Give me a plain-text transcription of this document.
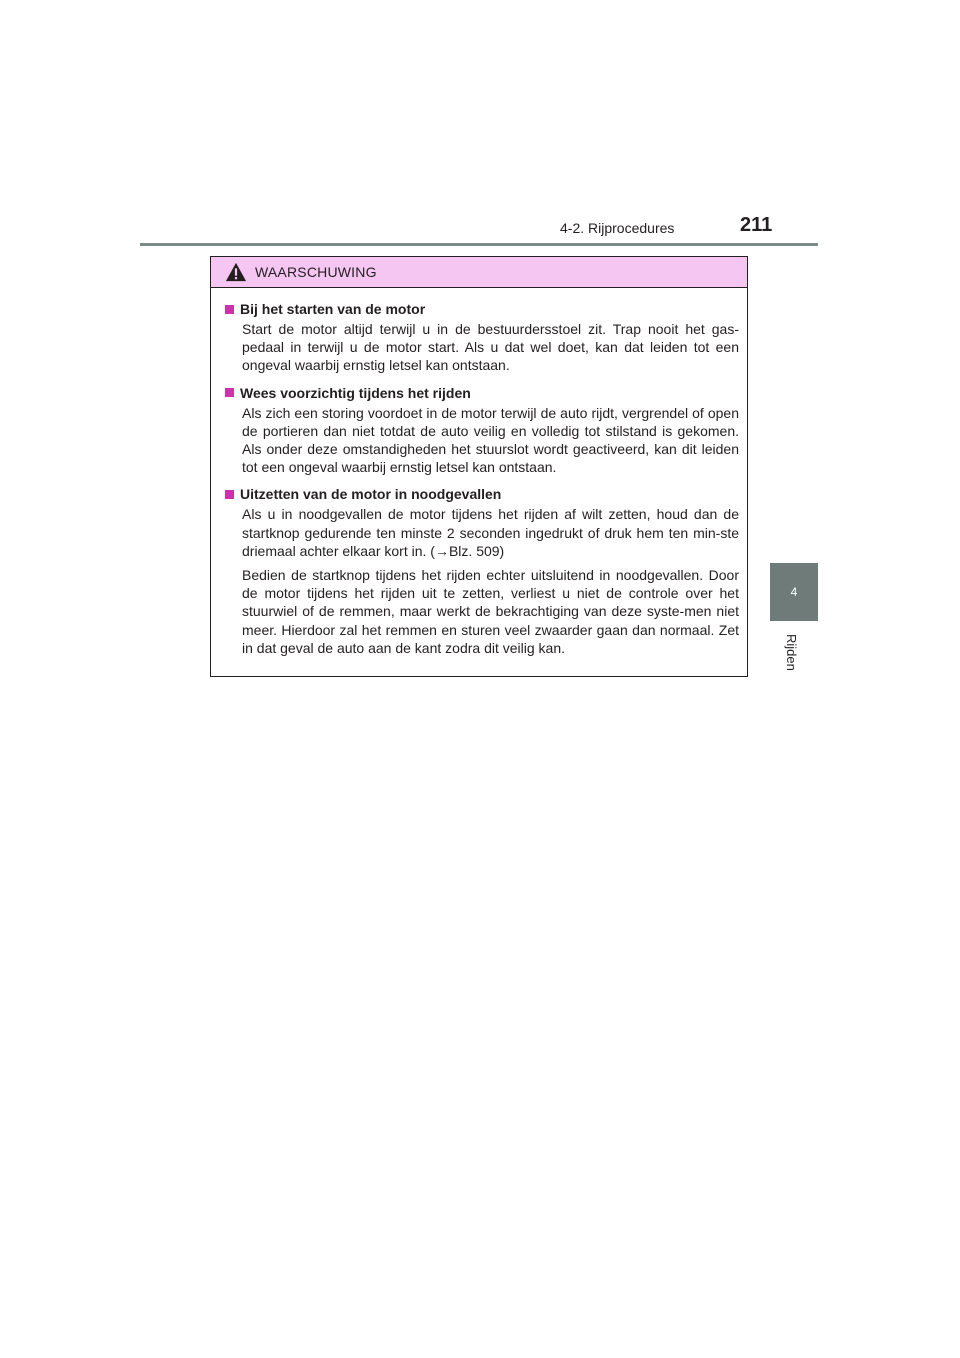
4-2. Rijprocedures	211
4
Rijden
WAARSCHUWING
Bij het starten van de motor

Start de motor altijd terwijl u in de bestuurdersstoel zit. Trap nooit het gas-pedaal in terwijl u de motor start. Als u dat wel doet, kan dat leiden tot een ongeval waarbij ernstig letsel kan ontstaan.

Wees voorzichtig tijdens het rijden

Als zich een storing voordoet in de motor terwijl de auto rijdt, vergrendel of open de portieren dan niet totdat de auto veilig en volledig tot stilstand is gekomen. Als onder deze omstandigheden het stuurslot wordt geactiveerd, kan dit leiden tot een ongeval waarbij ernstig letsel kan ontstaan.

Uitzetten van de motor in noodgevallen

Als u in noodgevallen de motor tijdens het rijden af wilt zetten, houd dan de startknop gedurende ten minste 2 seconden ingedrukt of druk hem ten min-ste driemaal achter elkaar kort in. (→Blz. 509)

Bedien de startknop tijdens het rijden echter uitsluitend in noodgevallen. Door de motor tijdens het rijden uit te zetten, verliest u niet de controle over het stuurwiel of de remmen, maar werkt de bekrachtiging van deze syste-men niet meer. Hierdoor zal het remmen en sturen veel zwaarder gaan dan normaal. Zet in dat geval de auto aan de kant zodra dit veilig kan.
